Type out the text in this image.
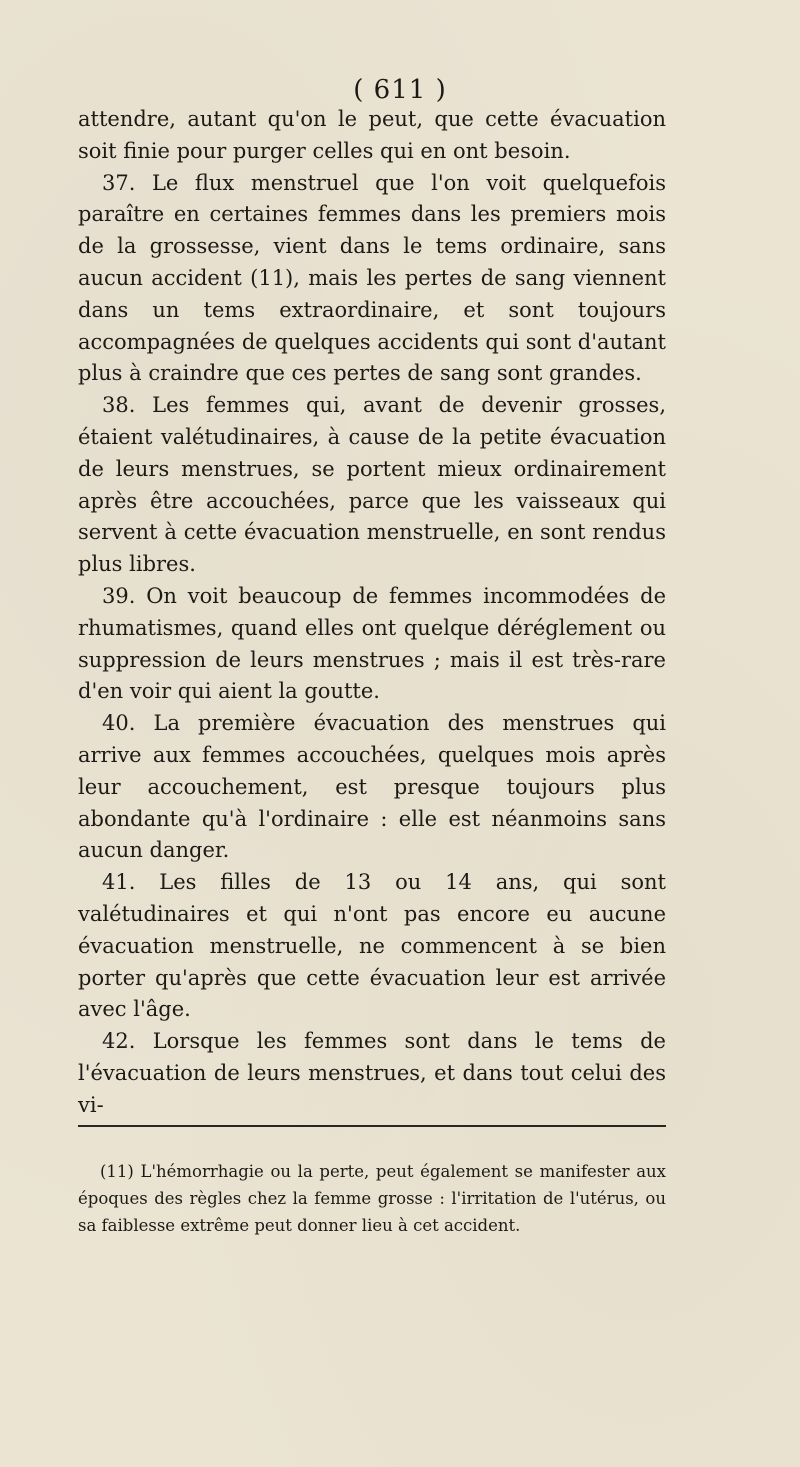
( 611 )

attendre, autant qu'on le peut, que cette évacuation soit finie pour purger celles qui en ont besoin.

37. Le flux menstruel que l'on voit quelquefois paraître en certaines femmes dans les premiers mois de la grossesse, vient dans le tems ordinaire, sans aucun accident (11), mais les pertes de sang viennent dans un tems extraordinaire, et sont toujours accompagnées de quelques accidents qui sont d'autant plus à craindre que ces pertes de sang sont grandes.

38. Les femmes qui, avant de devenir grosses, étaient valétudinaires, à cause de la petite évacuation de leurs menstrues, se portent mieux ordinairement après être accouchées, parce que les vaisseaux qui servent à cette évacuation menstruelle, en sont rendus plus libres.

39. On voit beaucoup de femmes incommodées de rhumatismes, quand elles ont quelque déréglement ou suppression de leurs menstrues ; mais il est très-rare d'en voir qui aient la goutte.

40. La première évacuation des menstrues qui arrive aux femmes accouchées, quelques mois après leur accouchement, est presque toujours plus abondante qu'à l'ordinaire : elle est néanmoins sans aucun danger.

41. Les filles de 13 ou 14 ans, qui sont valétudinaires et qui n'ont pas encore eu aucune évacuation menstruelle, ne commencent à se bien porter qu'après que cette évacuation leur est arrivée avec l'âge.

42. Lorsque les femmes sont dans le tems de l'évacuation de leurs menstrues, et dans tout celui des vi-

(11) L'hémorrhagie ou la perte, peut également se manifester aux époques des règles chez la femme grosse : l'irritation de l'utérus, ou sa faiblesse extrême peut donner lieu à cet accident.
